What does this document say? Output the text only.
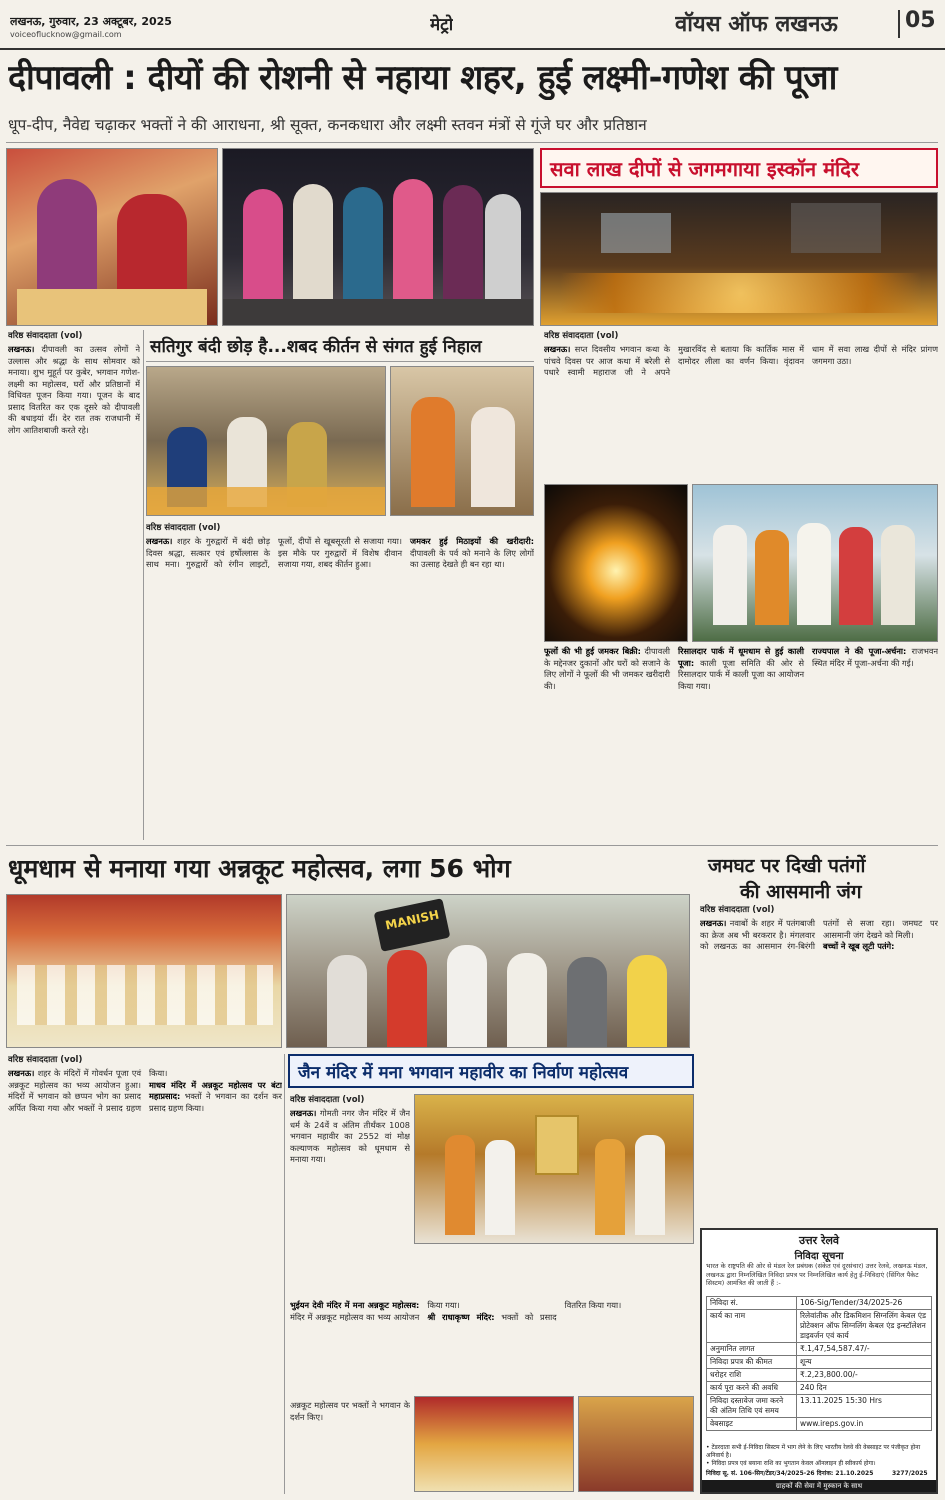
लखनऊ, गुरुवार, 23 अक्टूबर, 2025
voiceoflucknow@gmail.com	मेट्रो	वॉयस ऑफ लखनऊ	05
दीपावली : दीयों की रोशनी से नहाया शहर, हुई लक्ष्मी-गणेश की पूजा
धूप-दीप, नैवेद्य चढ़ाकर भक्तों ने की आराधना, श्री सूक्त, कनकधारा और लक्ष्मी स्तवन मंत्रों से गूंजे घर और प्रतिष्ठान
सवा लाख दीपों से जगमगाया इस्कॉन मंदिर
वरिष्ठ संवाददाता (vol)
लखनऊ। दीपावली का उत्सव लोगों ने उल्लास और श्रद्धा के साथ सोमवार को मनाया। शुभ मुहूर्त पर कुबेर, भगवान गणेश-लक्ष्मी का महोत्सव, घरों और प्रतिष्ठानों में विधिवत पूजन किया गया। पूजन के बाद प्रसाद वितरित कर एक दूसरे को दीपावली की बधाइयां दीं। देर रात तक राजधानी में लोग आतिशबाजी करते रहे।
सतिगुर बंदी छोड़ है...शबद कीर्तन से संगत हुई निहाल
वरिष्ठ संवाददाता (vol)
लखनऊ। शहर के गुरुद्वारों में बंदी छोड़ दिवस श्रद्धा, सत्कार एवं हर्षोल्लास के साथ मना। गुरुद्वारों को रंगीन लाइटों, फूलों, दीपों से खूबसूरती से सजाया गया। इस मौके पर गुरुद्वारों में विशेष दीवान सजाया गया, शबद कीर्तन हुआ।
जमकर हुई मिठाइयों की खरीदारी: दीपावली के पर्व को मनाने के लिए लोगों का उत्साह देखते ही बन रहा था।
वरिष्ठ संवाददाता (vol)
लखनऊ। सप्त दिवसीय भगवान कथा के पांचवे दिवस पर आज कथा में बरेली से पधारे स्वामी महाराज जी ने अपने मुखारविंद से बताया कि कार्तिक मास में दामोदर लीला का वर्णन किया। वृंदावन धाम में सवा लाख दीपों से मंदिर प्रांगण जगमगा उठा।
फूलों की भी हुई जमकर बिक्री: दीपावली के मद्देनजर दुकानों और घरों को सजाने के लिए लोगों ने फूलों की भी जमकर खरीदारी की।
रिसालदार पार्क में धूमधाम से हुई काली पूजा: काली पूजा समिति की ओर से रिसालदार पार्क में काली पूजा का आयोजन किया गया।
राज्यपाल ने की पूजा-अर्चना: राजभवन स्थित मंदिर में पूजा-अर्चना की गई।
धूमधाम से मनाया गया अन्नकूट महोत्सव, लगा 56 भोग	जमघट पर दिखी पतंगों
की आसमानी जंग
MANISH	वरिष्ठ संवाददाता (vol)
लखनऊ। नवाबों के शहर में पतंगबाजी का क्रेज अब भी बरकरार है। मंगलवार को लखनऊ का आसमान रंग-बिरंगी पतंगों से सजा रहा। जमघट पर आसमानी जंग देखने को मिली।
बच्चों ने खूब लूटी पतंगे:
वरिष्ठ संवाददाता (vol)
लखनऊ। शहर के मंदिरों में गोवर्धन पूजा एवं अन्नकूट महोत्सव का भव्य आयोजन हुआ। मंदिरों में भगवान को छप्पन भोग का प्रसाद अर्पित किया गया और भक्तों ने प्रसाद ग्रहण किया।
माधव मंदिर में अन्नकूट महोत्सव पर बंटा महाप्रसाद: भक्तों ने भगवान का दर्शन कर प्रसाद ग्रहण किया।
जैन मंदिर में मना भगवान महावीर का निर्वाण महोत्सव
वरिष्ठ संवाददाता (vol)
लखनऊ। गोमती नगर जैन मंदिर में जैन धर्म के 24वें व अंतिम तीर्थंकर 1008 भगवान महावीर का 2552 वां मोक्ष कल्याणक महोत्सव को धूमधाम से मनाया गया।
भुईयन देवी मंदिर में मना अन्नकूट महोत्सव: मंदिर में अन्नकूट महोत्सव का भव्य आयोजन किया गया।
श्री राधाकृष्ण मंदिर: भक्तों को प्रसाद वितरित किया गया।
अन्नकूट महोत्सव पर भक्तों ने भगवान के दर्शन किए।
उत्तर रेलवे
निविदा सूचना
भारत के राष्ट्रपति की ओर से मंडल रेल प्रबंधक (संकेत एवं दूरसंचार) उत्तर रेलवे, लखनऊ मंडल, लखनऊ द्वारा निम्नलिखित निविदा प्रपत्र पर निम्नलिखित कार्य हेतु ई-निविदाएं (सिंगिल पैकेट सिस्टम) आमंत्रित की जाती हैं :-
निविदा सं.	106-Sig/Tender/34/2025-26
कार्य का नाम	रिलेवांतीक और डिकमिशन सिग्नलिंग केबल एंड प्रोटेक्शन ऑफ सिग्नलिंग केबल एंड इन्स्टॉलेशन डाइवर्जन एवं कार्य
अनुमानित लागत	₹.1,47,54,587.47/-
निविदा प्रपत्र की कीमत	शून्य
धरोहर राशि	₹.2,23,800.00/-
कार्य पूरा करने की अवधि	240 दिन
निविदा दस्तावेज जमा करने की अंतिम तिथि एवं समय	13.11.2025 15:30 Hrs
वेबसाइट	www.ireps.gov.in
• टेंडरदाता सभी ई-निविदा सिस्टम में भाग लेने के लिए भारतीय रेलवे की वेबसाइट पर पंजीकृत होना अनिवार्य है।
• निविदा प्रपत्र एवं बयाना राशि का भुगतान केवल ऑनलाइन ही स्वीकार्य होगा।
निविदा सू. सं. 106-सिग/टेंडर/34/2025-26 दिनांक: 21.10.2025	3277/2025
ग्राहकों की सेवा में मुस्कान के साथ
